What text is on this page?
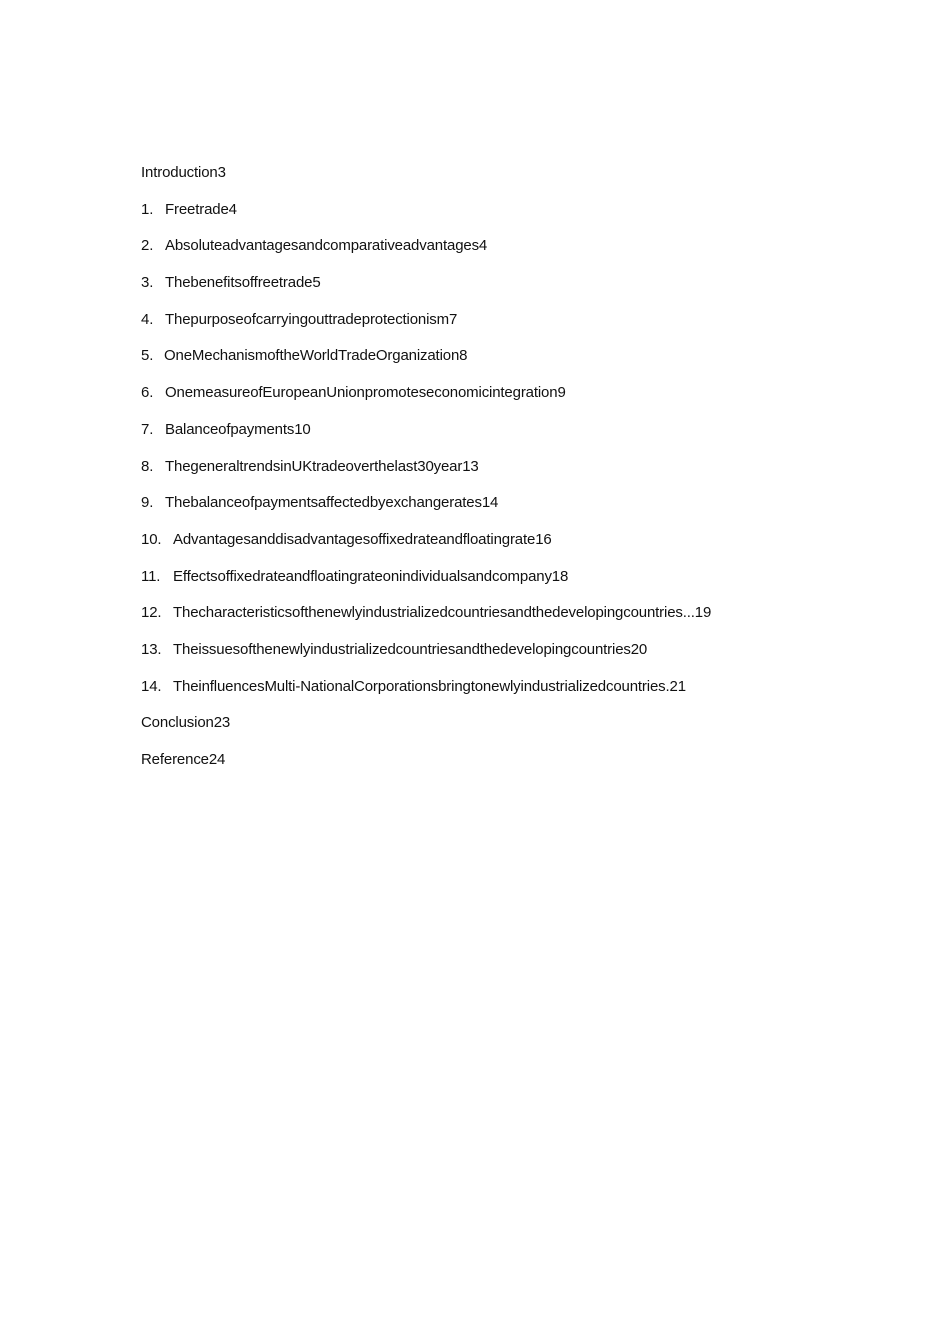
Introduction3
1. Freetrade4
2. Absoluteadvantagesandcomparativeadvantages4
3. Thebenefitsoffreetrade5
4. Thepurposeofcarryingouttradeprotectionism7
5. OneMechanismoftheWorldTradeOrganization8
6. OnemeasureofEuropeanUnionpromoteseconomicintegration9
7. Balanceofpayments10
8. ThegeneraltrendsinUKtradeoverthelast30year13
9. Thebalanceofpaymentsaffectedbyexchangerates14
10. Advantagesanddisadvantagesoffixedrateandfloatingrate16
11. Effectsoffixedrateandfloatingrateonindividualsandcompany18
12. Thecharacteristicsofthenewlyindustrializedcountriesandthedevelopingcountries...19
13. Theissuesofthenewlyindustrializedcountriesandthedevelopingcountries20
14. TheinfluencesMulti-NationalCorporationsbringtonewlyindustrializedcountries.21
Conclusion23
Reference24
